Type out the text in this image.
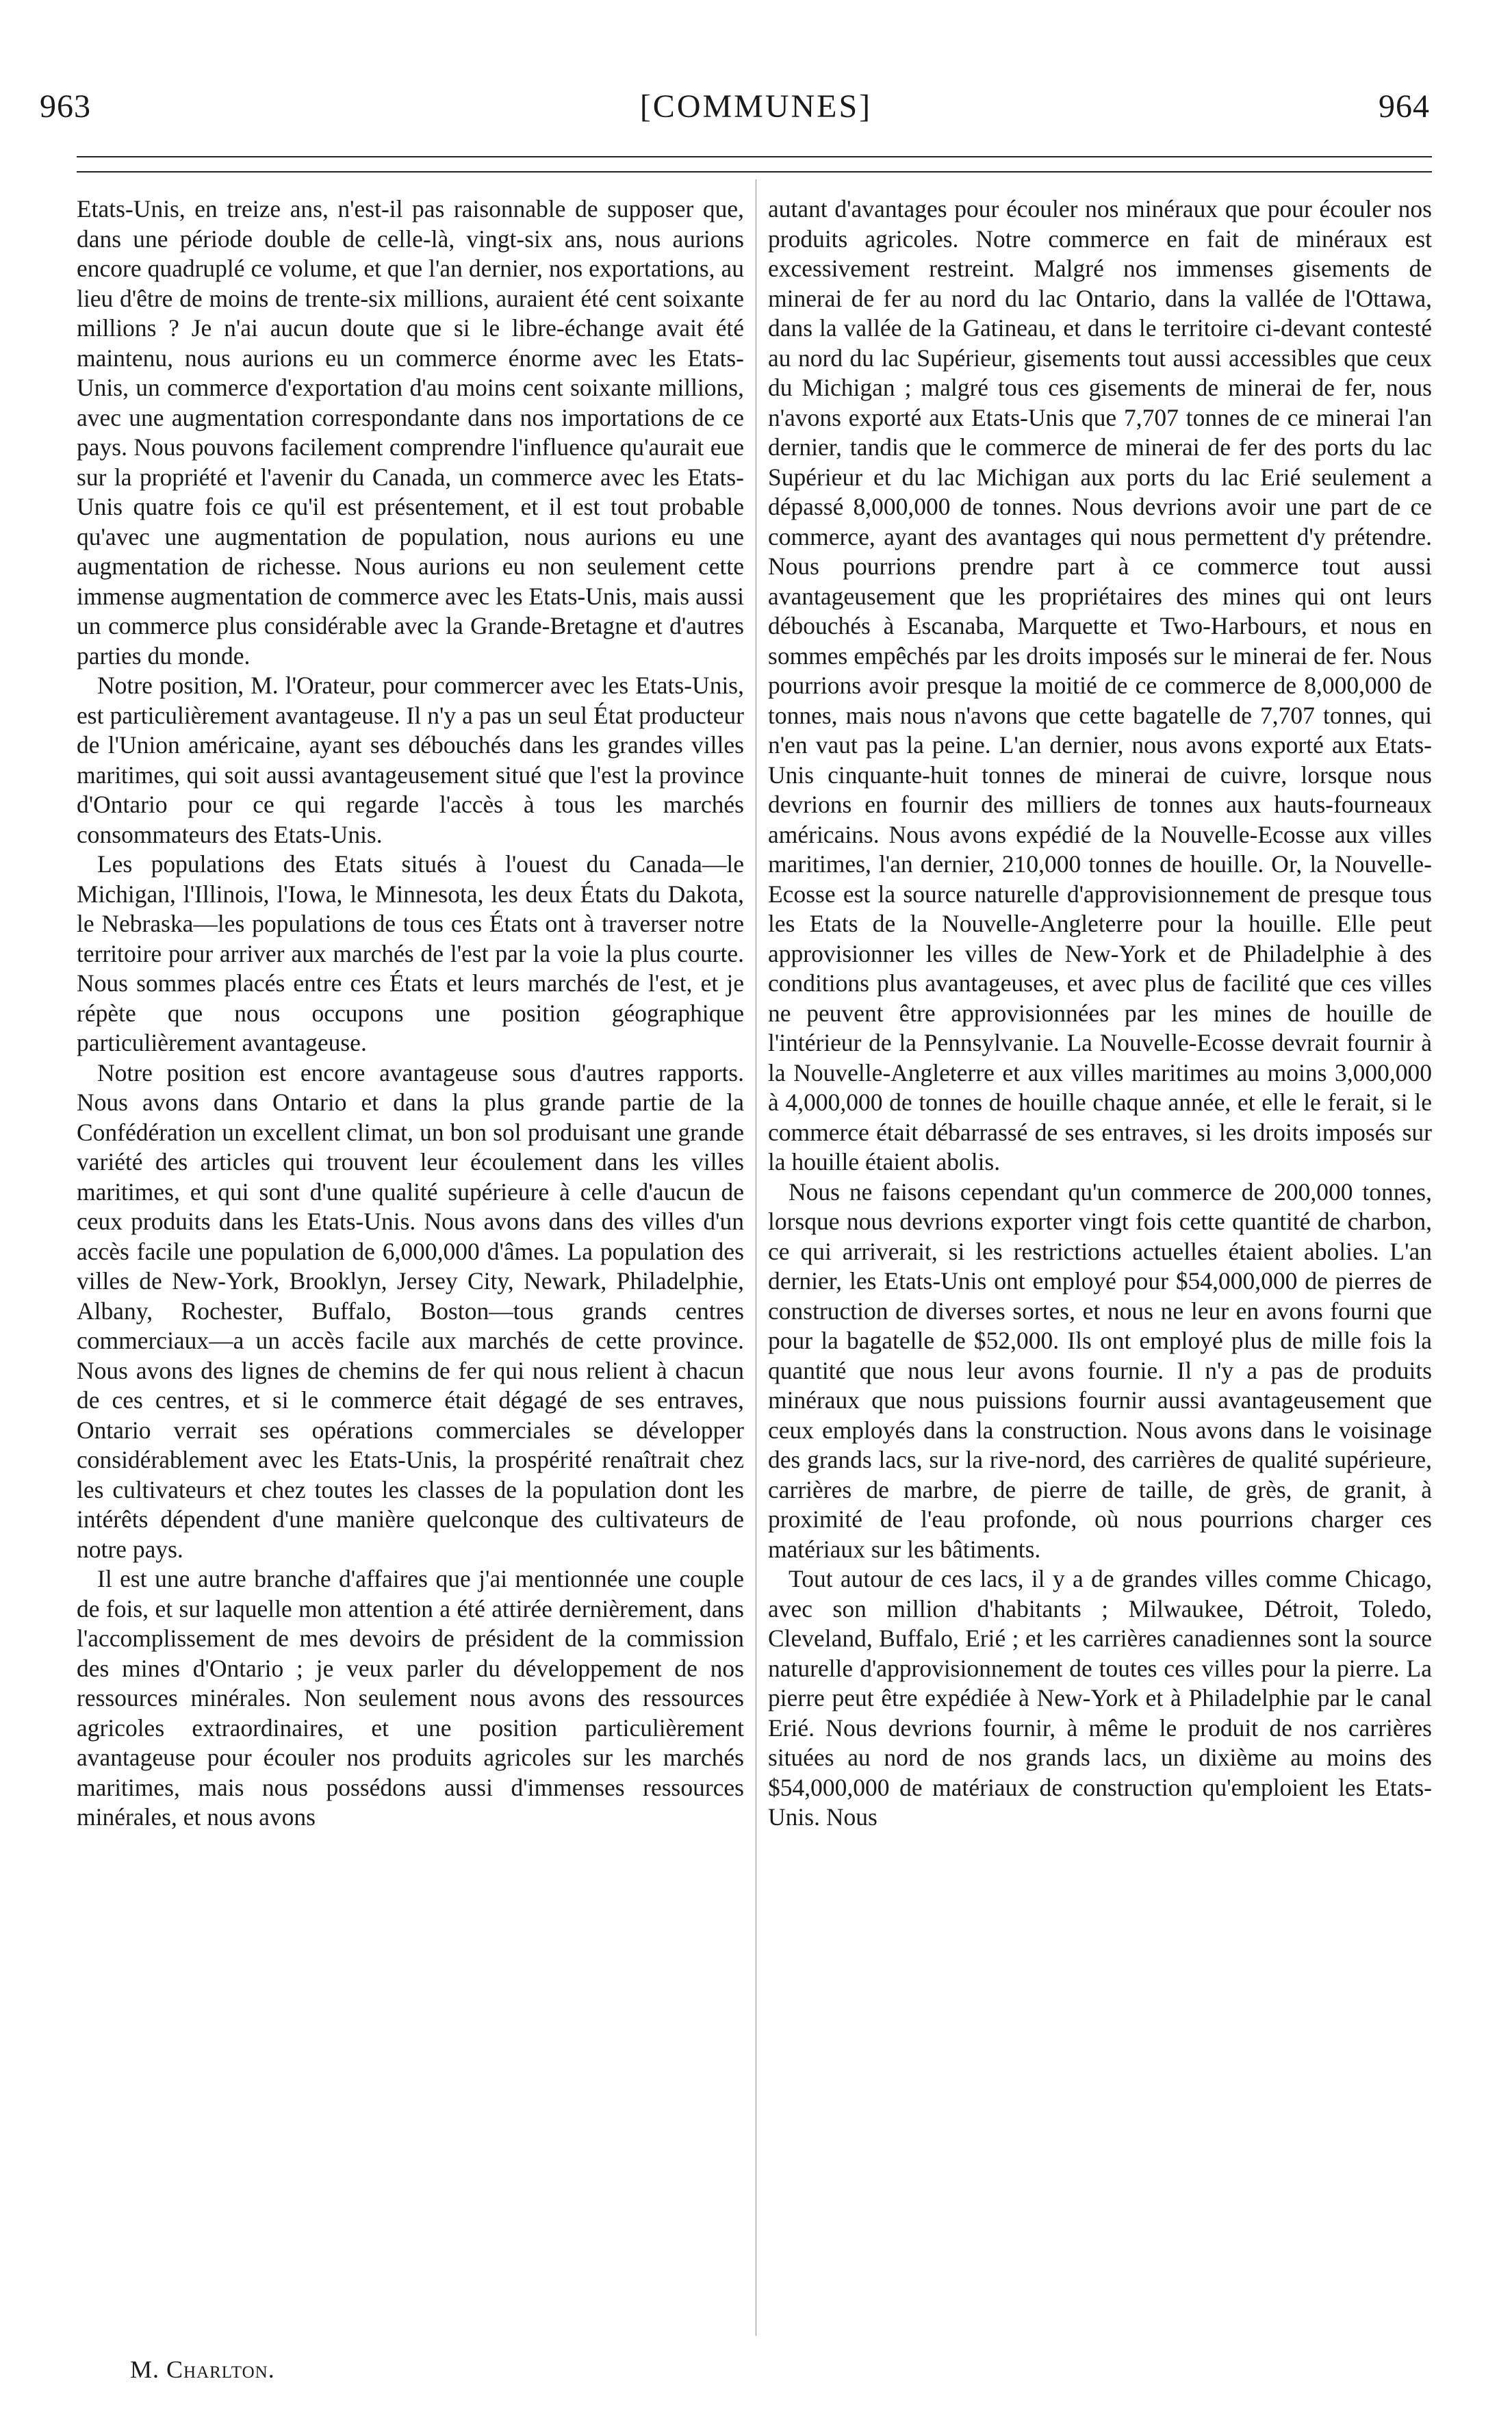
[COMMUNES]
963	964

Etats-Unis, en treize ans, n'est-il pas raisonnable de supposer que, dans une période double de celle-là, vingt-six ans, nous aurions encore quadruplé ce volume, et que l'an dernier, nos exportations, au lieu d'être de moins de trente-six millions, auraient été cent soixante millions ? Je n'ai aucun doute que si le libre-échange avait été maintenu, nous aurions eu un commerce énorme avec les Etats-Unis, un commerce d'exportation d'au moins cent soixante millions, avec une augmentation correspondante dans nos importations de ce pays. Nous pouvons facilement comprendre l'influence qu'aurait eue sur la propriété et l'avenir du Canada, un commerce avec les Etats-Unis quatre fois ce qu'il est présentement, et il est tout probable qu'avec une augmentation de population, nous aurions eu une augmentation de richesse. Nous aurions eu non seulement cette immense augmentation de commerce avec les Etats-Unis, mais aussi un commerce plus considérable avec la Grande-Bretagne et d'autres parties du monde.

Notre position, M. l'Orateur, pour commercer avec les Etats-Unis, est particulièrement avantageuse. Il n'y a pas un seul État producteur de l'Union américaine, ayant ses débouchés dans les grandes villes maritimes, qui soit aussi avantageusement situé que l'est la province d'Ontario pour ce qui regarde l'accès à tous les marchés consommateurs des Etats-Unis.

Les populations des Etats situés à l'ouest du Canada—le Michigan, l'Illinois, l'Iowa, le Minnesota, les deux États du Dakota, le Nebraska—les populations de tous ces États ont à traverser notre territoire pour arriver aux marchés de l'est par la voie la plus courte. Nous sommes placés entre ces États et leurs marchés de l'est, et je répète que nous occupons une position géographique particulièrement avantageuse.

Notre position est encore avantageuse sous d'autres rapports. Nous avons dans Ontario et dans la plus grande partie de la Confédération un excellent climat, un bon sol produisant une grande variété des articles qui trouvent leur écoulement dans les villes maritimes, et qui sont d'une qualité supérieure à celle d'aucun de ceux produits dans les Etats-Unis. Nous avons dans des villes d'un accès facile une population de 6,000,000 d'âmes. La population des villes de New-York, Brooklyn, Jersey City, Newark, Philadelphie, Albany, Rochester, Buffalo, Boston—tous grands centres commerciaux—a un accès facile aux marchés de cette province. Nous avons des lignes de chemins de fer qui nous relient à chacun de ces centres, et si le commerce était dégagé de ses entraves, Ontario verrait ses opérations commerciales se développer considérablement avec les Etats-Unis, la prospérité renaîtrait chez les cultivateurs et chez toutes les classes de la population dont les intérêts dépendent d'une manière quelconque des cultivateurs de notre pays.

Il est une autre branche d'affaires que j'ai mentionnée une couple de fois, et sur laquelle mon attention a été attirée dernièrement, dans l'accomplissement de mes devoirs de président de la commission des mines d'Ontario ; je veux parler du développement de nos ressources minérales. Non seulement nous avons des ressources agricoles extraordinaires, et une position particulièrement avantageuse pour écouler nos produits agricoles sur les marchés maritimes, mais nous possédons aussi d'immenses ressources minérales, et nous avons

autant d'avantages pour écouler nos minéraux que pour écouler nos produits agricoles. Notre commerce en fait de minéraux est excessivement restreint. Malgré nos immenses gisements de minerai de fer au nord du lac Ontario, dans la vallée de l'Ottawa, dans la vallée de la Gatineau, et dans le territoire ci-devant contesté au nord du lac Supérieur, gisements tout aussi accessibles que ceux du Michigan ; malgré tous ces gisements de minerai de fer, nous n'avons exporté aux Etats-Unis que 7,707 tonnes de ce minerai l'an dernier, tandis que le commerce de minerai de fer des ports du lac Supérieur et du lac Michigan aux ports du lac Erié seulement a dépassé 8,000,000 de tonnes. Nous devrions avoir une part de ce commerce, ayant des avantages qui nous permettent d'y prétendre. Nous pourrions prendre part à ce commerce tout aussi avantageusement que les propriétaires des mines qui ont leurs débouchés à Escanaba, Marquette et Two-Harbours, et nous en sommes empêchés par les droits imposés sur le minerai de fer. Nous pourrions avoir presque la moitié de ce commerce de 8,000,000 de tonnes, mais nous n'avons que cette bagatelle de 7,707 tonnes, qui n'en vaut pas la peine. L'an dernier, nous avons exporté aux Etats-Unis cinquante-huit tonnes de minerai de cuivre, lorsque nous devrions en fournir des milliers de tonnes aux hauts-fourneaux américains. Nous avons expédié de la Nouvelle-Ecosse aux villes maritimes, l'an dernier, 210,000 tonnes de houille. Or, la Nouvelle-Ecosse est la source naturelle d'approvisionnement de presque tous les Etats de la Nouvelle-Angleterre pour la houille. Elle peut approvisionner les villes de New-York et de Philadelphie à des conditions plus avantageuses, et avec plus de facilité que ces villes ne peuvent être approvisionnées par les mines de houille de l'intérieur de la Pennsylvanie. La Nouvelle-Ecosse devrait fournir à la Nouvelle-Angleterre et aux villes maritimes au moins 3,000,000 à 4,000,000 de tonnes de houille chaque année, et elle le ferait, si le commerce était débarrassé de ses entraves, si les droits imposés sur la houille étaient abolis.

Nous ne faisons cependant qu'un commerce de 200,000 tonnes, lorsque nous devrions exporter vingt fois cette quantité de charbon, ce qui arriverait, si les restrictions actuelles étaient abolies. L'an dernier, les Etats-Unis ont employé pour $54,000,000 de pierres de construction de diverses sortes, et nous ne leur en avons fourni que pour la bagatelle de $52,000. Ils ont employé plus de mille fois la quantité que nous leur avons fournie. Il n'y a pas de produits minéraux que nous puissions fournir aussi avantageusement que ceux employés dans la construction. Nous avons dans le voisinage des grands lacs, sur la rive-nord, des carrières de qualité supérieure, carrières de marbre, de pierre de taille, de grès, de granit, à proximité de l'eau profonde, où nous pourrions charger ces matériaux sur les bâtiments.

Tout autour de ces lacs, il y a de grandes villes comme Chicago, avec son million d'habitants ; Milwaukee, Détroit, Toledo, Cleveland, Buffalo, Erié ; et les carrières canadiennes sont la source naturelle d'approvisionnement de toutes ces villes pour la pierre. La pierre peut être expédiée à New-York et à Philadelphie par le canal Erié. Nous devrions fournir, à même le produit de nos carrières situées au nord de nos grands lacs, un dixième au moins des $54,000,000 de matériaux de construction qu'emploient les Etats-Unis. Nous

M. Charlton.
